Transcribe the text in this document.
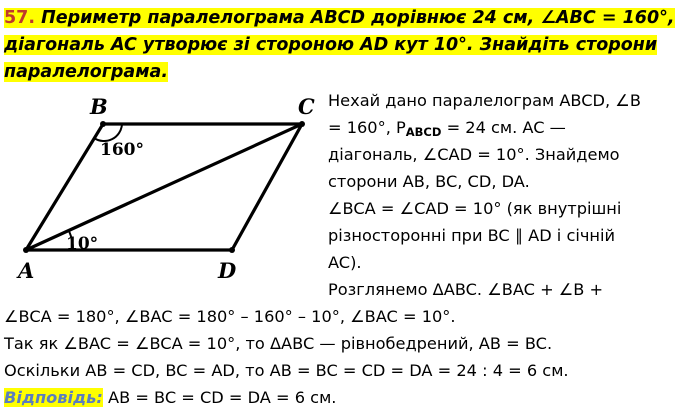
57. Периметр паралелограма ABCD дорівнює 24 см, ∠ABC = 160°, діагональ AC утворює зі стороною AD кут 10°. Знайдіть сторони паралелограма.
A
B	C
D
160°
10°
Нехай дано паралелограм ABCD, ∠B
= 160°, PABCD = 24 см. AC —
діагональ, ∠CAD = 10°. Знайдемо
сторони AB, BC, CD, DA.
∠BCA = ∠CAD = 10° (як внутрішні
різносторонні при BC ∥ AD і січній
AC).
Розглянемо ΔABC. ∠BAC + ∠B +
∠BCA = 180°, ∠BAC = 180° – 160° – 10°, ∠BAC = 10°.
Так як ∠BAC = ∠BCA = 10°, то ΔABC — рівнобедрений, AB = BC.
Оскільки AB = CD, BC = AD, то AB = BC = CD = DA = 24 : 4 = 6 см.
Відповідь: AB = BC = CD = DA = 6 см.
